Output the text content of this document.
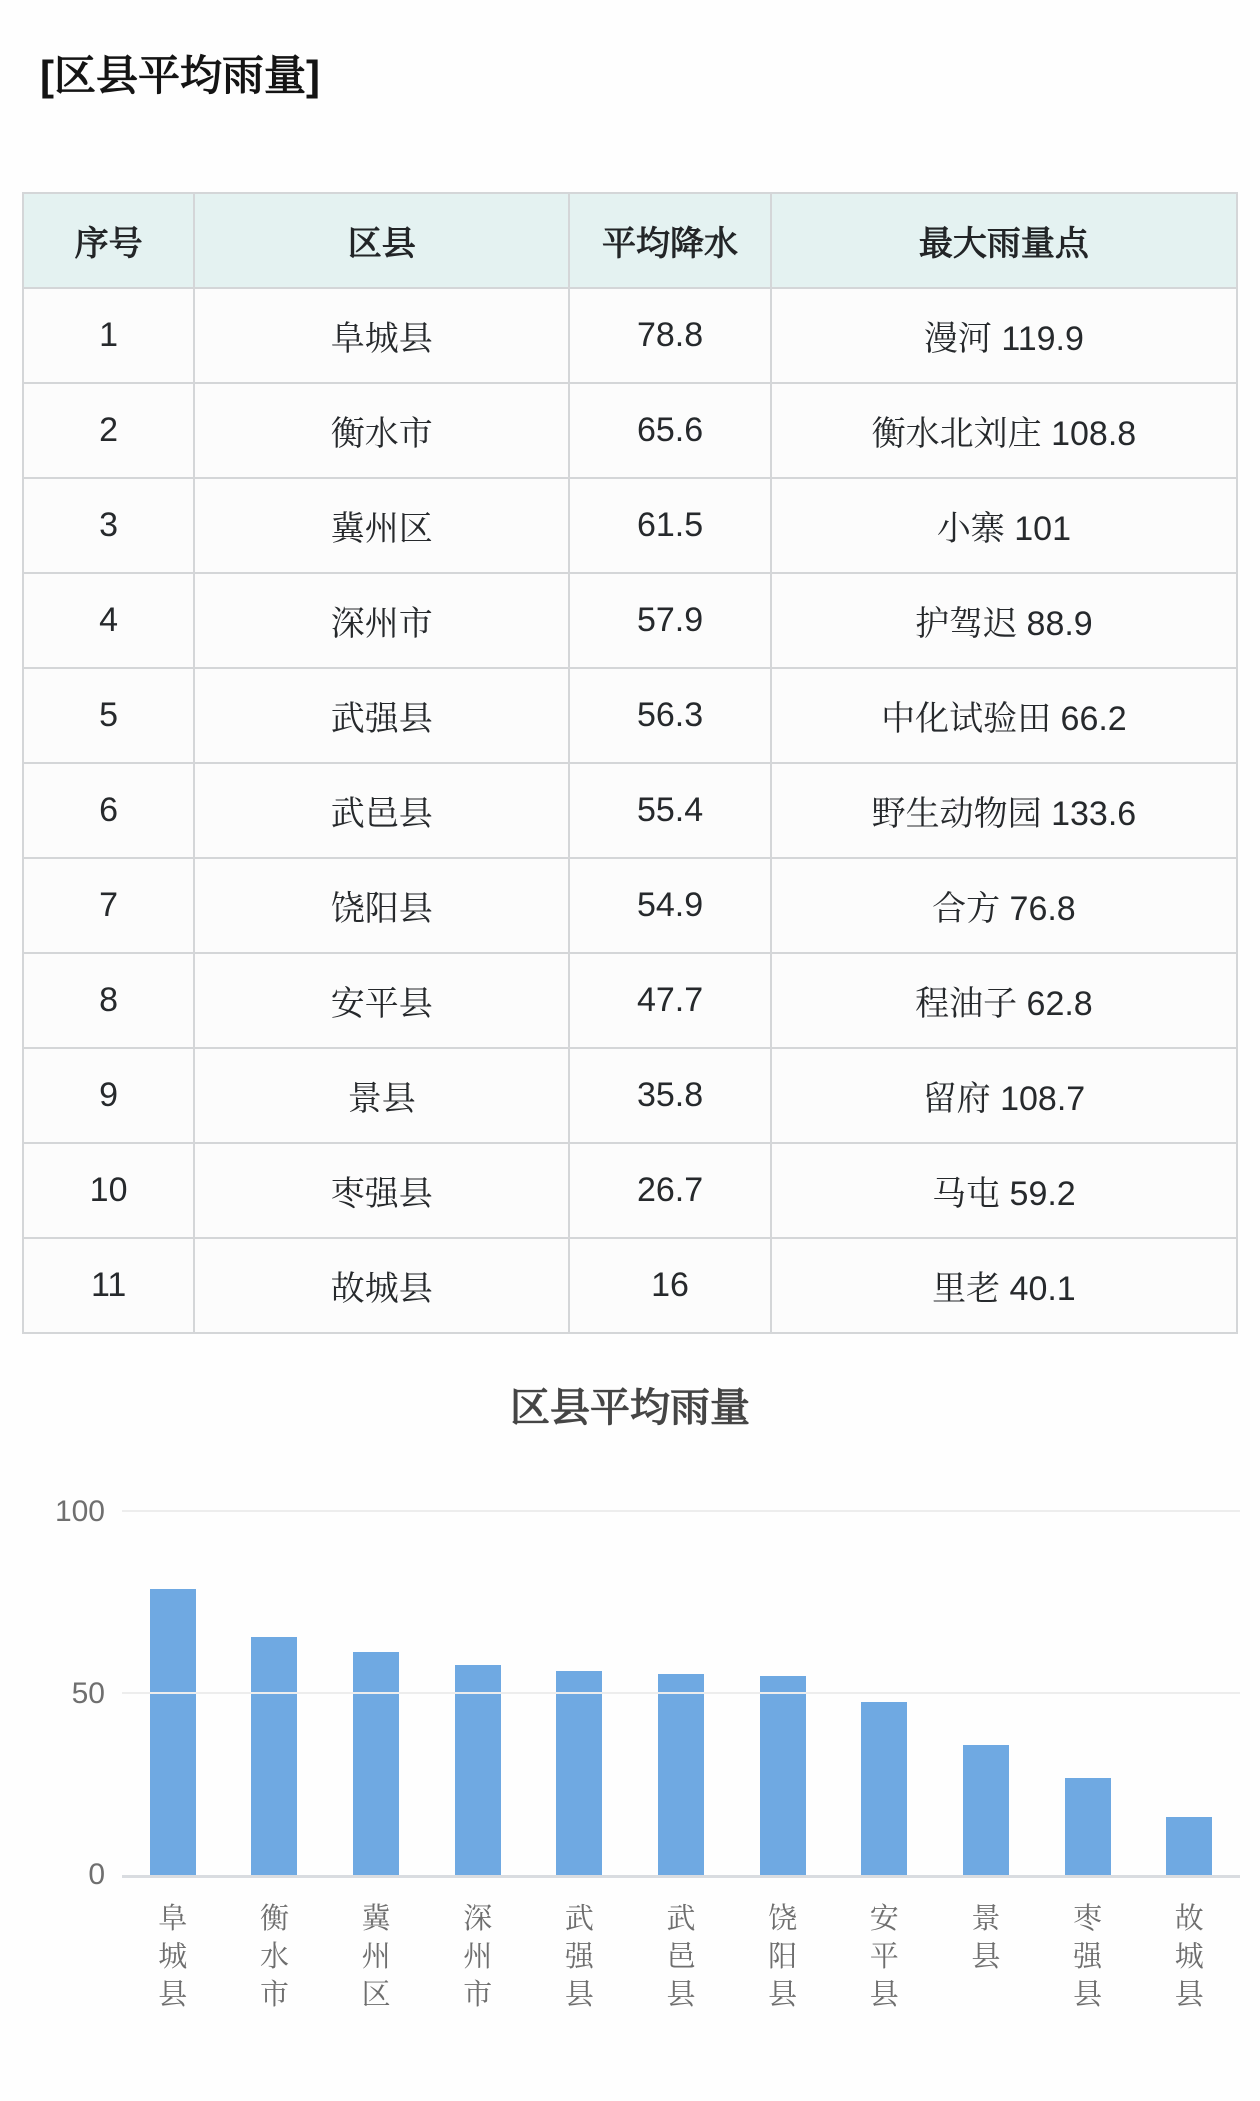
[区县平均雨量]
序号	区县	平均降水	最大雨量点
1	阜城县	78.8	漫河 119.9
2	衡水市	65.6	衡水北刘庄 108.8
3	冀州区	61.5	小寨 101
4	深州市	57.9	护驾迟 88.9
5	武强县	56.3	中化试验田 66.2
6	武邑县	55.4	野生动物园 133.6
7	饶阳县	54.9	合方 76.8
8	安平县	47.7	程油子 62.8
9	景县	35.8	留府 108.7
10	枣强县	26.7	马屯 59.2
11	故城县	16	里老 40.1
区县平均雨量
0
50
100
阜城县
衡水市
冀州区
深州市
武强县
武邑县
饶阳县
安平县
景县
枣强县
故城县
